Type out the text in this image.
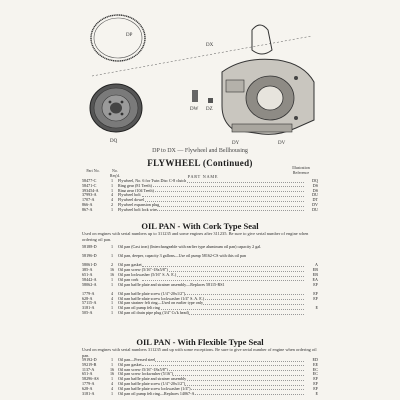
DP
DX
DQ
DW DZ
DY	DV
DP to DX — Flywheel and Bellhousing
FLYWHEEL (Continued)
Part No.	No. Req'd.
Illustration Reference
PART NAME
58477-C	1	Flywheel, No. 6 for Twin Disc C-8 clutch	DQ
58471-C	1	Ring gear (81 Teeth)	DS
393454-A	1	Ring gear (104 Teeth)	DS
37993-A	4	Flywheel bolt	DU
1707-A	4	Flywheel dowel	DT
866-A	2	Flywheel expansion plug	DV
867-A	1	Flywheel bolt lock wire	DU
OIL PAN - With Cork Type Seal
Used on engines with serial numbers up to 311235 and some engines after 311235. Be sure to give serial number of engine when ordering oil pan.
58188-D	1	Oil pan (Cast iron) (Interchangeable with earlier type aluminum oil pan) capacity 2 gal.
58196-D	1	Oil pan, deeper, capacity 3 gallons—Use oil pump 58162-CS with this oil pan
58061-D	2	Oil pan gasket	A
385-A	16 Oil pan screw (5/16"-18x5/8")	EB
651-A	16 Oil pan lockwasher (5/16" S. A. E.)	EB
58442-A	1	Oil pan cork	EA
58062-A	1	Oil pan baffle plate and strainer assembly—Replaces 58115-RS1	EF
1779-A	4	Oil pan baffle plate screw (1/4"-20x1/2")	EF
628-A	4	Oil pan baffle plate screw lockwasher (1/4" S. A. E.)	EF
57115-A	1	Oil pan strainer felt ring—Used on earlier type only
3181-A	1	Oil pan oil pump felt ring	E
505-A	1	Oil pan oil drain pipe plug (3/4" Cs'k head)
OIL PAN - With Flexible Type Seal
Used on engines with serial numbers 311235 and up with some exceptions. Be sure to give serial number of engine when ordering oil pan.
59192-D	1	Oil pan—Pressed steel	ED
59219-B	1	Oil pan gasket	EE
1137-A	16 Oil pan screw (5/16"-18x5/8")	EC
651-A	16 Oil pan screw lockwasher (5/16")	EC
58296-AS	1	Oil pan baffle plate and strainer assembly	EF
1779-A	4	Oil pan baffle plate screw (1/4"-20x1/2")	EF
628-A	4	Oil pan baffle plate screw lockwasher (1/4")	EF
3181-A	1	Oil pan oil pump felt ring—Replaces 14067-A	E
